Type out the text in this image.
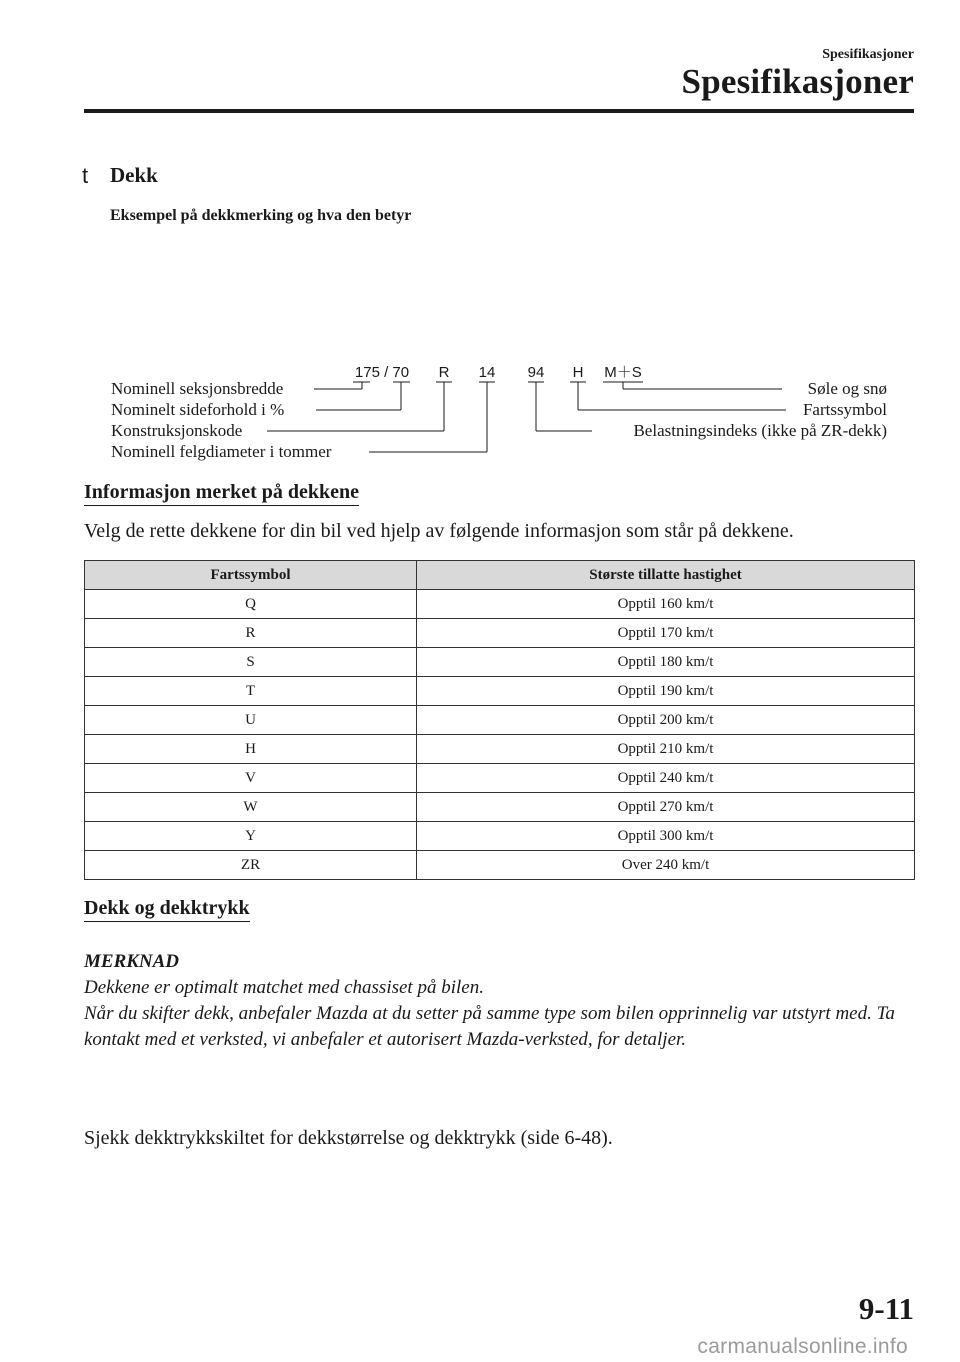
Spesifikasjoner
Spesifikasjoner
t Dekk
Eksempel på dekkmerking og hva den betyr
175 / 70 R 14 94 H M＋S
Nominell seksjonsbredde
Nominelt sideforhold i %
Konstruksjonskode
Nominell felgdiameter i tommer
Søle og snø
Fartssymbol
Belastningsindeks (ikke på ZR-dekk)
Informasjon merket på dekkene
Velg de rette dekkene for din bil ved hjelp av følgende informasjon som står på dekkene.
Fartssymbol	Største tillatte hastighet
Q	Opptil 160 km/t
R	Opptil 170 km/t
S	Opptil 180 km/t
T	Opptil 190 km/t
U	Opptil 200 km/t
H	Opptil 210 km/t
V	Opptil 240 km/t
W	Opptil 270 km/t
Y	Opptil 300 km/t
ZR	Over 240 km/t
Dekk og dekktrykk
MERKNAD
Dekkene er optimalt matchet med chassiset på bilen.
Når du skifter dekk, anbefaler Mazda at du setter på samme type som bilen opprinnelig var utstyrt med. Ta kontakt med et verksted, vi anbefaler et autorisert Mazda-verksted, for detaljer.
Sjekk dekktrykkskiltet for dekkstørrelse og dekktrykk (side 6-48).
9-11
carmanualsonline.info
